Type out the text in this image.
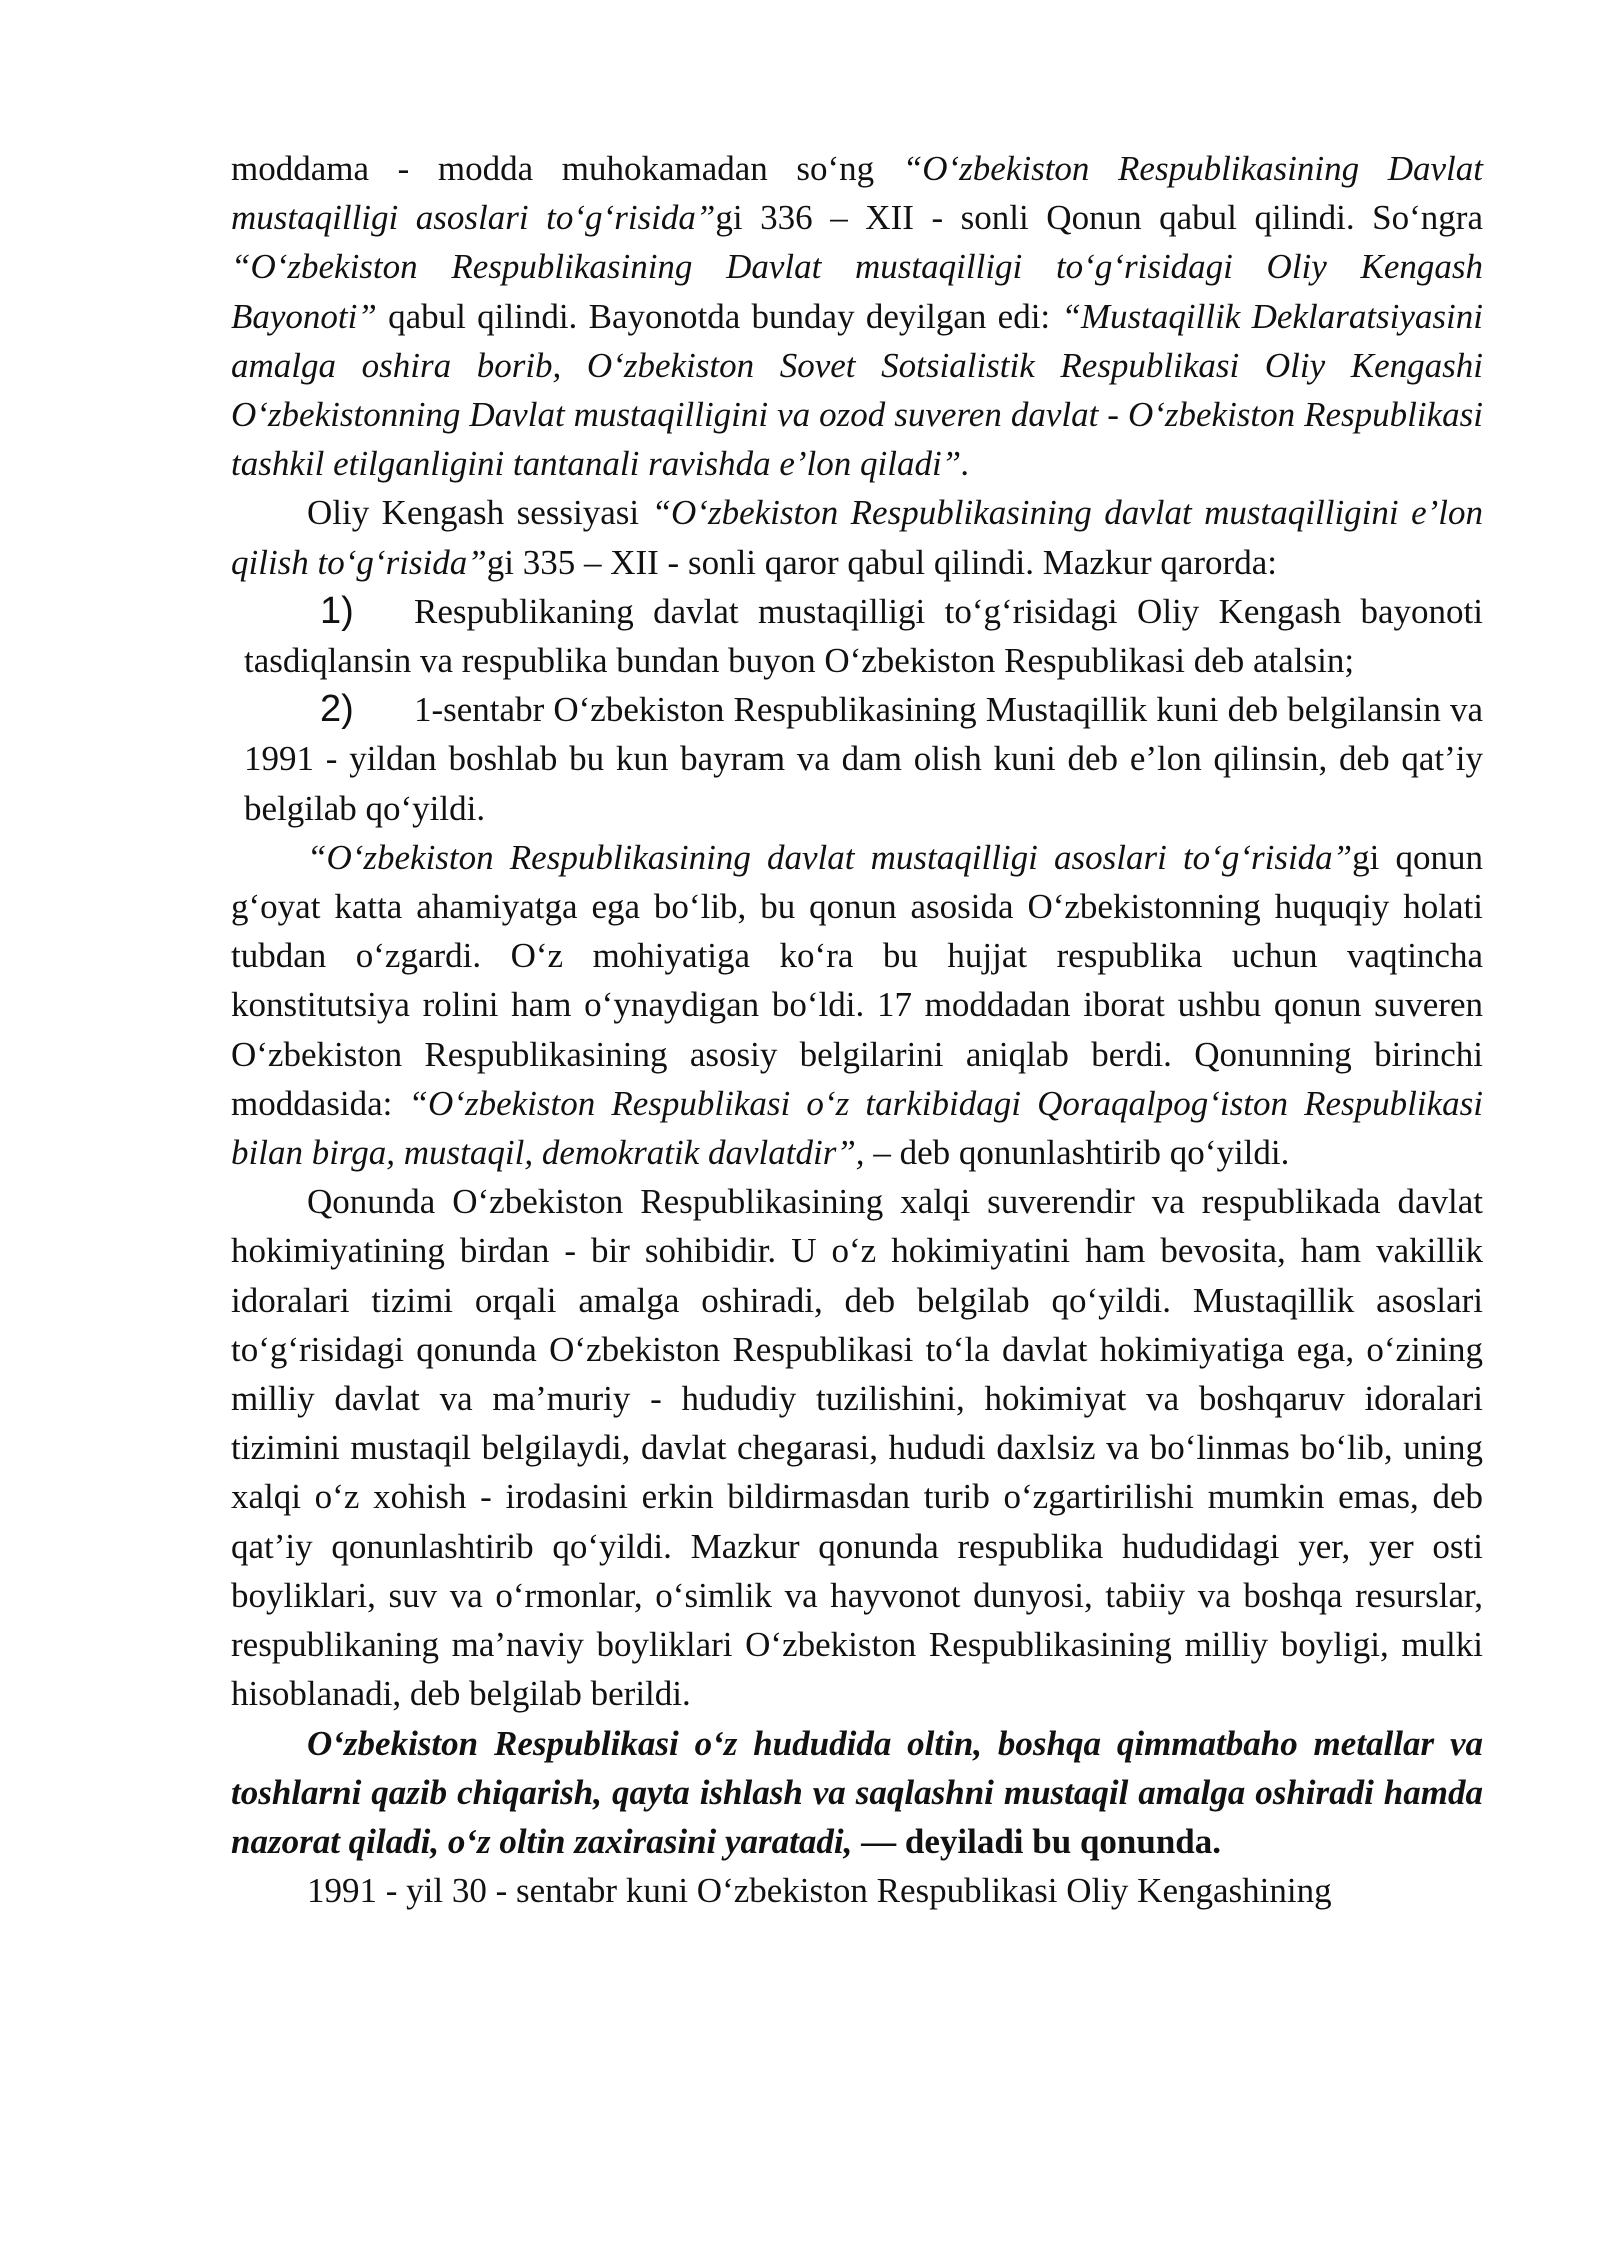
moddama - modda muhokamadan so‘ng “O‘zbekiston Respublikasining Davlat mustaqilligi asoslari to‘g‘risida”gi 336 – XII - sonli Qonun qabul qilindi. So‘ngra “O‘zbekiston Respublikasining Davlat mustaqilligi to‘g‘risidagi Oliy Kengash Bayonoti” qabul qilindi. Bayonotda bunday deyilgan edi: “Mustaqillik Deklaratsiyasini amalga oshira borib, O‘zbekiston Sovet Sotsialistik Respublikasi Oliy Kengashi O‘zbekistonning Davlat mustaqilligini va ozod suveren davlat - O‘zbekiston Respublikasi tashkil etilganligini tantanali ravishda e’lon qiladi”.

Oliy Kengash sessiyasi “O‘zbekiston Respublikasining davlat mustaqilligini e’lon qilish to‘g‘risida”gi 335 – XII - sonli qaror qabul qilindi. Mazkur qarorda:

1) Respublikaning davlat mustaqilligi to‘g‘risidagi Oliy Kengash bayonoti tasdiqlansin va respublika bundan buyon O‘zbekiston Respublikasi deb atalsin;

2) 1-sentabr O‘zbekiston Respublikasining Mustaqillik kuni deb belgilansin va 1991 - yildan boshlab bu kun bayram va dam olish kuni deb e’lon qilinsin, deb qat’iy belgilab qo‘yildi.

“O‘zbekiston Respublikasining davlat mustaqilligi asoslari to‘g‘risida”gi qonun g‘oyat katta ahamiyatga ega bo‘lib, bu qonun asosida O‘zbekistonning huquqiy holati tubdan o‘zgardi. O‘z mohiyatiga ko‘ra bu hujjat respublika uchun vaqtincha konstitutsiya rolini ham o‘ynaydigan bo‘ldi. 17 moddadan iborat ushbu qonun suveren O‘zbekiston Respublikasining asosiy belgilarini aniqlab berdi. Qonunning birinchi moddasida: “O‘zbekiston Respublikasi o‘z tarkibidagi Qoraqalpog‘iston Respublikasi bilan birga, mustaqil, demokratik davlatdir”, – deb qonunlashtirib qo‘yildi.

Qonunda O‘zbekiston Respublikasining xalqi suverendir va respublikada davlat hokimiyatining birdan - bir sohibidir. U o‘z hokimiyatini ham bevosita, ham vakillik idoralari tizimi orqali amalga oshiradi, deb belgilab qo‘yildi. Mustaqillik asoslari to‘g‘risidagi qonunda O‘zbekiston Respublikasi to‘la davlat hokimiyatiga ega, o‘zining milliy davlat va ma’muriy - hududiy tuzilishini, hokimiyat va boshqaruv idoralari tizimini mustaqil belgilaydi, davlat chegarasi, hududi daxlsiz va bo‘linmas bo‘lib, uning xalqi o‘z xohish - irodasini erkin bildirmasdan turib o‘zgartirilishi mumkin emas, deb qat’iy qonunlashtirib qo‘yildi. Mazkur qonunda respublika hududidagi yer, yer osti boyliklari, suv va o‘rmonlar, o‘simlik va hayvonot dunyosi, tabiiy va boshqa resurslar, respublikaning ma’naviy boyliklari O‘zbekiston Respublikasining milliy boyligi, mulki hisoblanadi, deb belgilab berildi.

O‘zbekiston Respublikasi o‘z hududida oltin, boshqa qimmatbaho metallar va toshlarni qazib chiqarish, qayta ishlash va saqlashni mustaqil amalga oshiradi hamda nazorat qiladi, o‘z oltin zaxirasini yaratadi, — deyiladi bu qonunda.

1991 - yil 30 - sentabr kuni O‘zbekiston Respublikasi Oliy Kengashining
